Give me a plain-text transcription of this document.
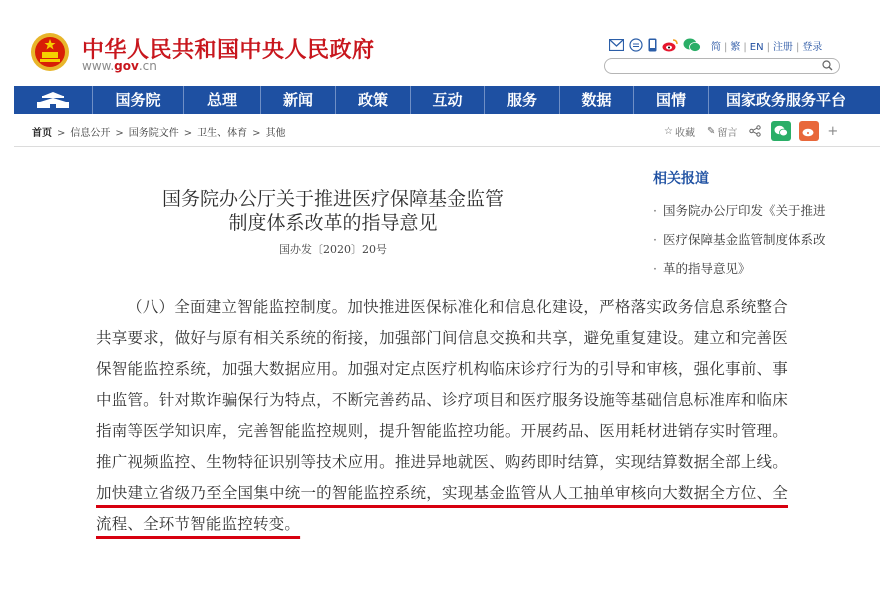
中华人民共和国中央人民政府
www.gov.cn
简 | 繁 | EN | 注册 | 登录
国务院	总理	新闻	政策	互动	服务	数据	国情	国家政务服务平台
首页 > 信息公开 > 国务院文件 > 卫生、体育 > 其他	☆ 收藏 ✎ 留言	+
国务院办公厅关于推进医疗保障基金监管
制度体系改革的指导意见
国办发〔2020〕20号
相关报道
· 国务院办公厅印发《关于推进
· 医疗保障基金监管制度体系改
· 革的指导意见》

（八）全面建立智能监控制度。加快推进医保标准化和信息化建设，严格落实政务信息系统整合共享要求，做好与原有相关系统的衔接，加强部门间信息交换和共享，避免重复建设。建立和完善医保智能监控系统，加强大数据应用。加强对定点医疗机构临床诊疗行为的引导和审核，强化事前、事中监管。针对欺诈骗保行为特点，不断完善药品、诊疗项目和医疗服务设施等基础信息标准库和临床指南等医学知识库，完善智能监控规则，提升智能监控功能。开展药品、医用耗材进销存实时管理。推广视频监控、生物特征识别等技术应用。推进异地就医、购药即时结算，实现结算数据全部上线。加快建立省级乃至全国集中统一的智能监控系统，实现基金监管从人工抽单审核向大数据全方位、全流程、全环节智能监控转变。
